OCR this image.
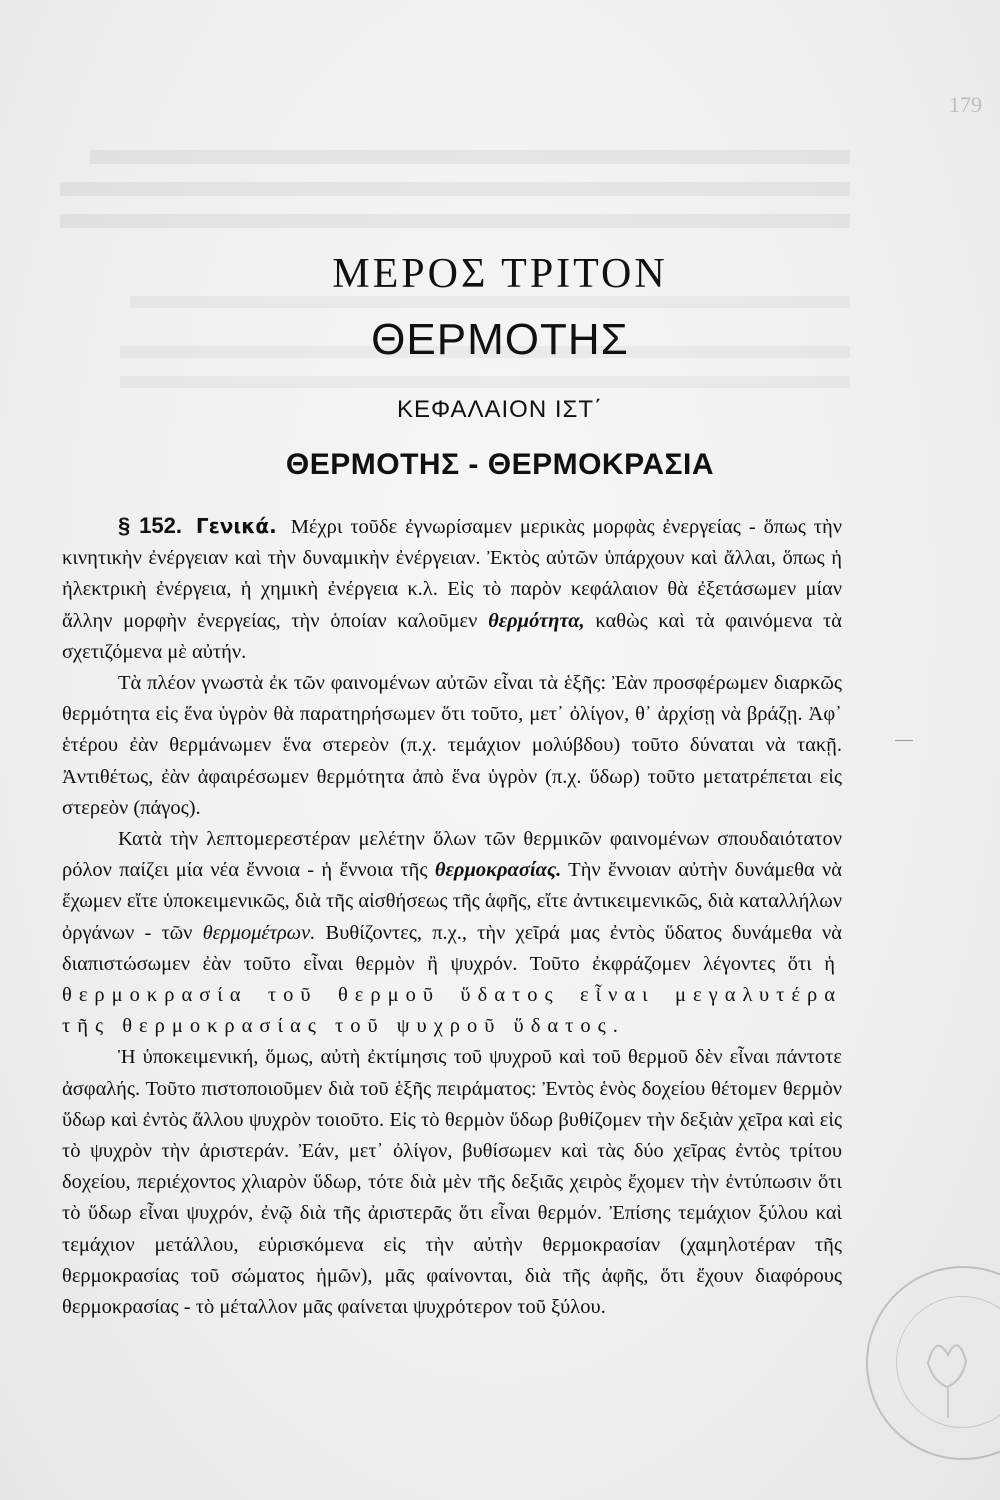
179
ΜΕΡΟΣ ΤΡΙΤΟΝ
ΘΕΡΜΟΤΗΣ
ΚΕΦΑΛΑΙΟΝ ΙΣΤ΄
ΘΕΡΜΟΤΗΣ - ΘΕΡΜΟΚΡΑΣΙΑ

§ 152. Γενικά. Μέχρι τοῦδε ἐγνωρίσαμεν μερικὰς μορφὰς ἐνεργείας - ὅπως τὴν κινητικὴν ἐνέργειαν καὶ τὴν δυναμικὴν ἐνέργειαν. Ἐκτὸς αὐτῶν ὑπάρχουν καὶ ἄλλαι, ὅπως ἡ ἠλεκτρικὴ ἐνέργεια, ἡ χημικὴ ἐνέργεια κ.λ. Εἰς τὸ παρὸν κεφάλαιον θὰ ἐξετάσωμεν μίαν ἄλλην μορφὴν ἐνεργείας, τὴν ὁποίαν καλοῦμεν θερμότητα, καθὼς καὶ τὰ φαινόμενα τὰ σχετιζόμενα μὲ αὐτήν.

Τὰ πλέον γνωστὰ ἐκ τῶν φαινομένων αὐτῶν εἶναι τὰ ἑξῆς: Ἐὰν προσφέρωμεν διαρκῶς θερμότητα εἰς ἕνα ὑγρὸν θὰ παρατηρήσωμεν ὅτι τοῦτο, μετ᾽ ὀλίγον, θ᾽ ἀρχίσῃ νὰ βράζῃ. Ἀφ᾽ ἑτέρου ἐὰν θερμάνωμεν ἕνα στερεὸν (π.χ. τεμάχιον μολύβδου) τοῦτο δύναται νὰ τακῇ. Ἀντιθέτως, ἐὰν ἀφαιρέσωμεν θερμότητα ἀπὸ ἕνα ὑγρὸν (π.χ. ὕδωρ) τοῦτο μετατρέπεται εἰς στερεὸν (πάγος).

Κατὰ τὴν λεπτομερεστέραν μελέτην ὅλων τῶν θερμικῶν φαινομένων σπουδαιότατον ρόλον παίζει μία νέα ἔννοια - ἡ ἔννοια τῆς θερμοκρασίας. Τὴν ἔννοιαν αὐτὴν δυνάμεθα νὰ ἔχωμεν εἴτε ὑποκειμενικῶς, διὰ τῆς αἰσθήσεως τῆς ἁφῆς, εἴτε ἀντικειμενικῶς, διὰ καταλλήλων ὀργάνων - τῶν θερμομέτρων. Βυθίζοντες, π.χ., τὴν χεῖρά μας ἐντὸς ὕδατος δυνάμεθα νὰ διαπιστώσωμεν ἐὰν τοῦτο εἶναι θερμὸν ἢ ψυχρόν. Τοῦτο ἐκφράζομεν λέγοντες ὅτι ἡ θερμοκρασία τοῦ θερμοῦ ὕδατος εἶναι μεγαλυτέρα τῆς θερμοκρασίας τοῦ ψυχροῦ ὕδατος.

Ἡ ὑποκειμενική, ὅμως, αὐτὴ ἐκτίμησις τοῦ ψυχροῦ καὶ τοῦ θερμοῦ δὲν εἶναι πάντοτε ἀσφαλής. Τοῦτο πιστοποιοῦμεν διὰ τοῦ ἑξῆς πειράματος: Ἐντὸς ἑνὸς δοχείου θέτομεν θερμὸν ὕδωρ καὶ ἐντὸς ἄλλου ψυχρὸν τοιοῦτο. Εἰς τὸ θερμὸν ὕδωρ βυθίζομεν τὴν δεξιὰν χεῖρα καὶ εἰς τὸ ψυχρὸν τὴν ἀριστεράν. Ἐάν, μετ᾽ ὀλίγον, βυθίσωμεν καὶ τὰς δύο χεῖρας ἐντὸς τρίτου δοχείου, περιέχοντος χλιαρὸν ὕδωρ, τότε διὰ μὲν τῆς δεξιᾶς χειρὸς ἔχομεν τὴν ἐντύπωσιν ὅτι τὸ ὕδωρ εἶναι ψυχρόν, ἐνῷ διὰ τῆς ἀριστερᾶς ὅτι εἶναι θερμόν. Ἐπίσης τεμάχιον ξύλου καὶ τεμάχιον μετάλλου, εὑρισκόμενα εἰς τὴν αὐτὴν θερμοκρασίαν (χαμηλοτέραν τῆς θερμοκρασίας τοῦ σώματος ἡμῶν), μᾶς φαίνονται, διὰ τῆς ἁφῆς, ὅτι ἔχουν διαφόρους θερμοκρασίας - τὸ μέταλλον μᾶς φαίνεται ψυχρότερον τοῦ ξύλου.
